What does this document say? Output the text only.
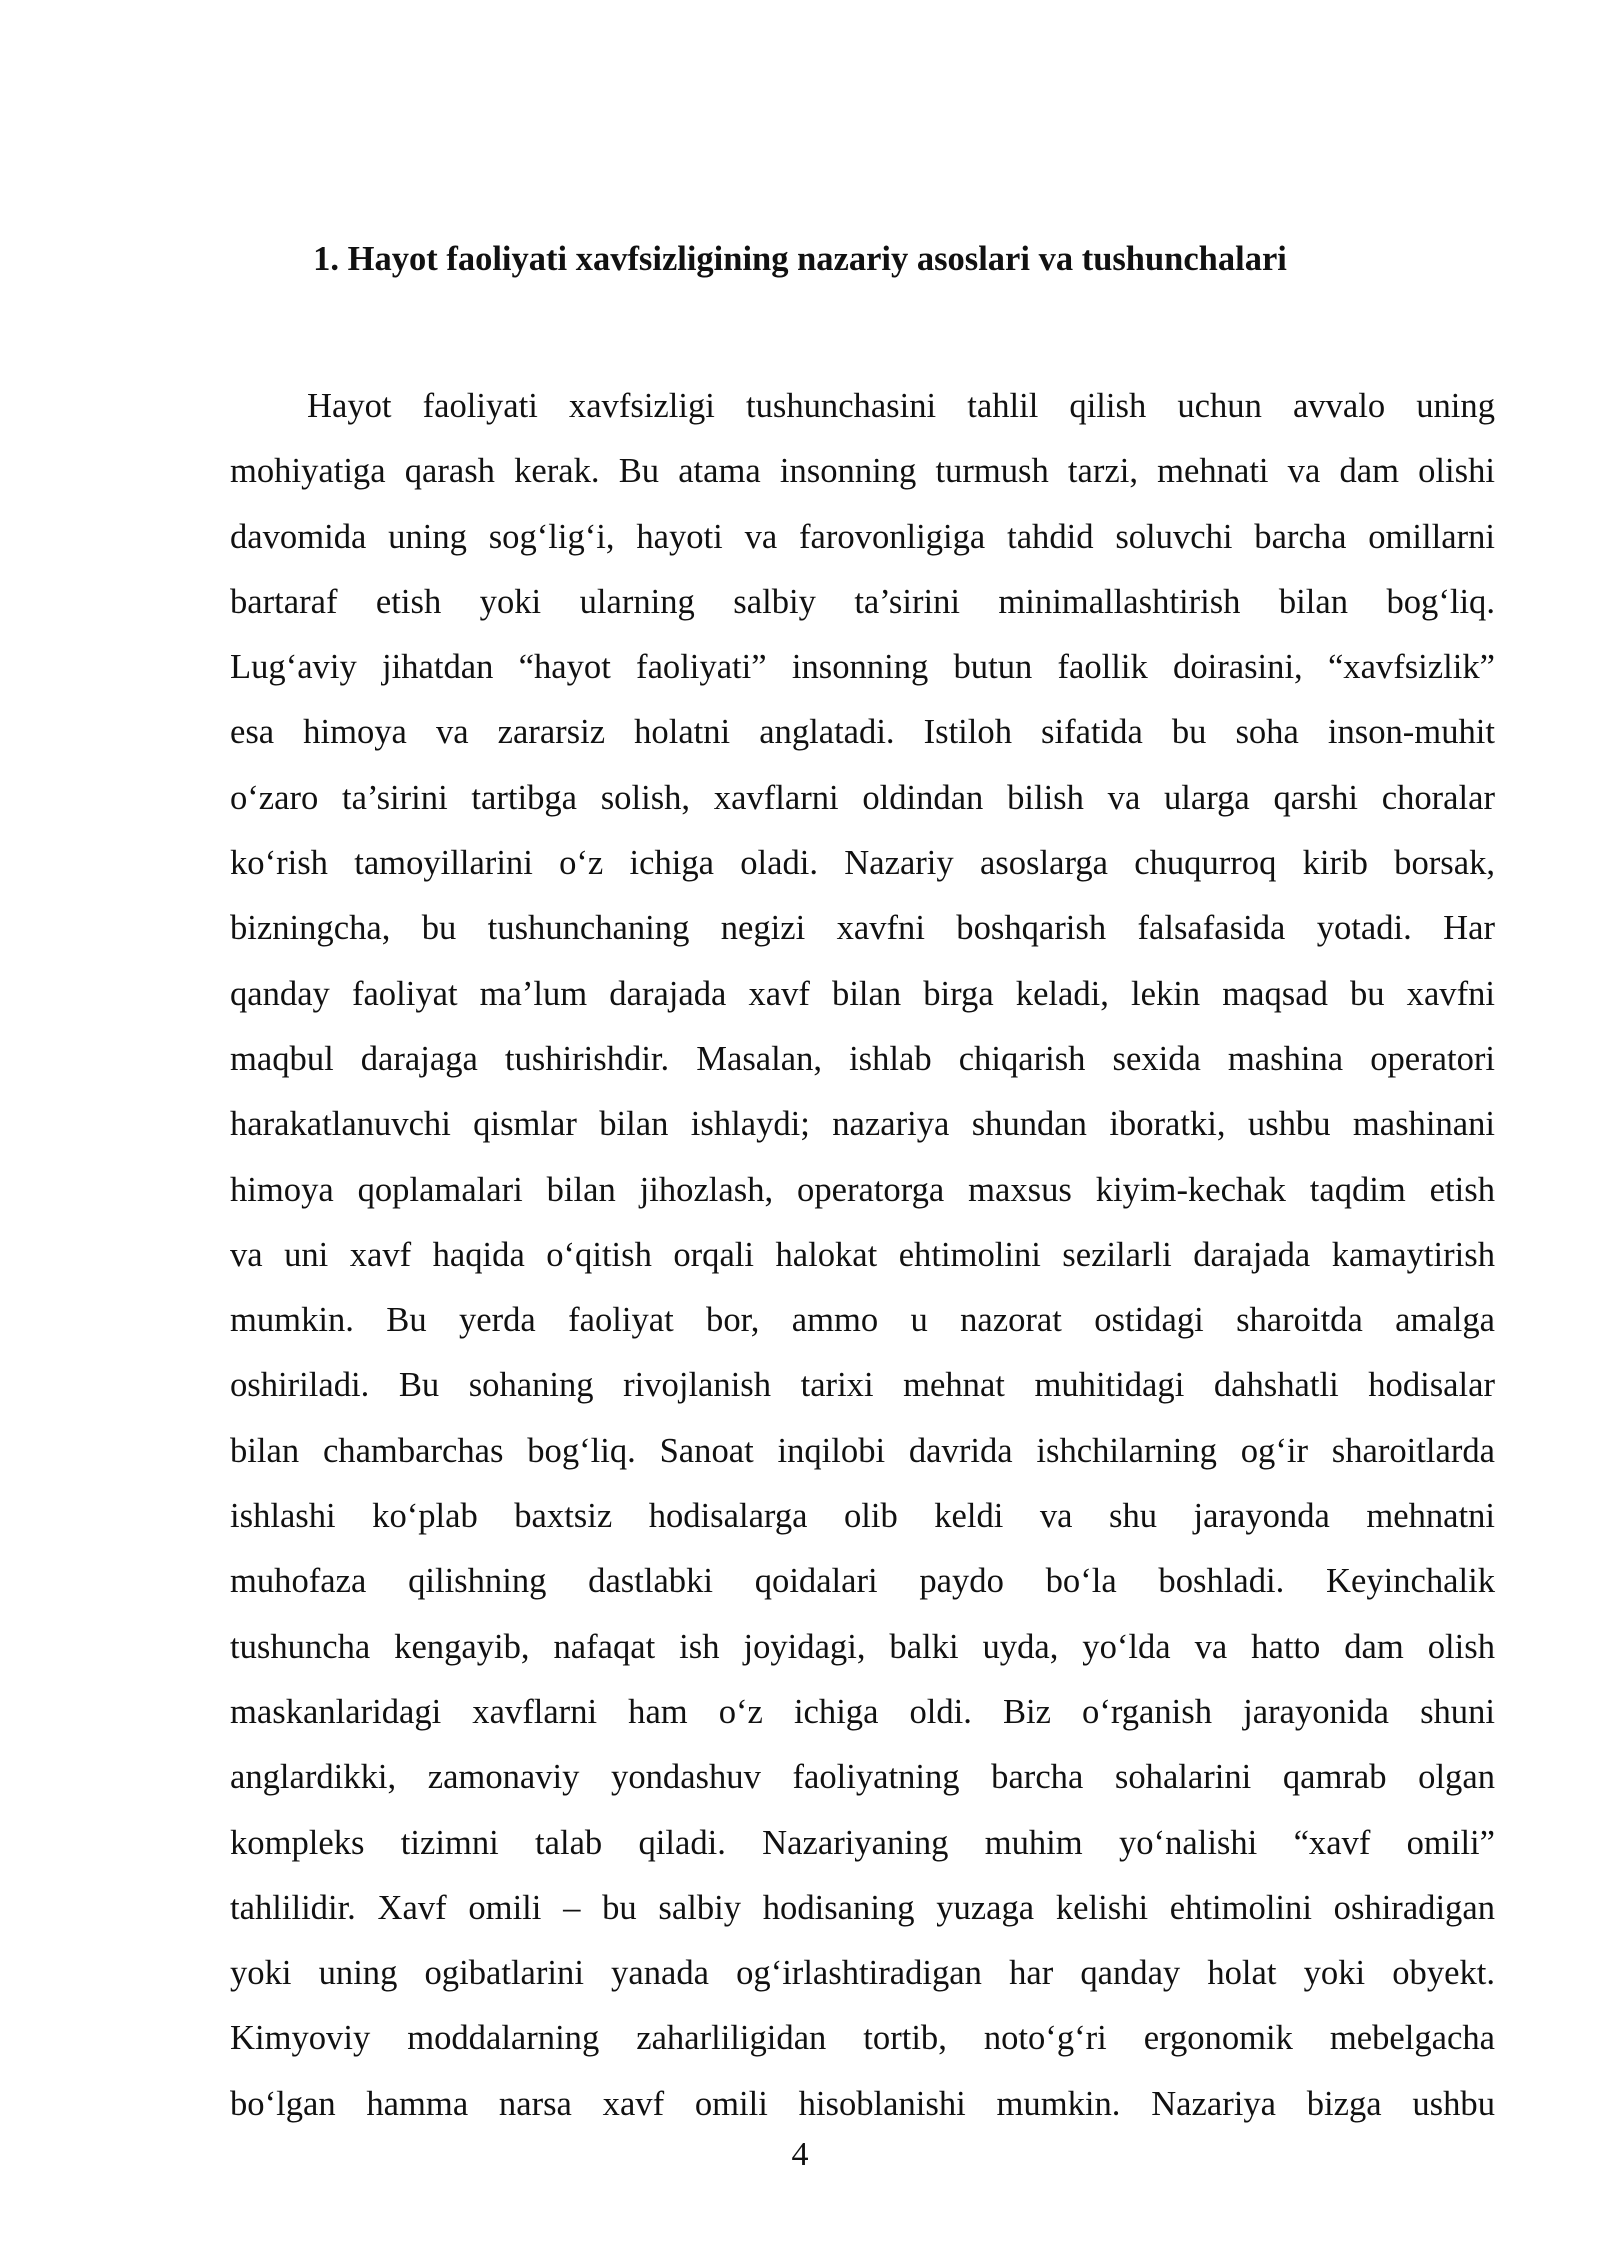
1. Hayot faoliyati xavfsizligining nazariy asoslari va tushunchalari
Hayot faoliyati xavfsizligi tushunchasini tahlil qilish uchun avvalo uning
mohiyatiga qarash kerak. Bu atama insonning turmush tarzi, mehnati va dam olishi
davomida uning sog‘lig‘i, hayoti va farovonligiga tahdid soluvchi barcha omillarni
bartaraf etish yoki ularning salbiy ta’sirini minimallashtirish bilan bog‘liq.
Lug‘aviy jihatdan “hayot faoliyati” insonning butun faollik doirasini, “xavfsizlik”
esa himoya va zararsiz holatni anglatadi. Istiloh sifatida bu soha inson-muhit
o‘zaro ta’sirini tartibga solish, xavflarni oldindan bilish va ularga qarshi choralar
ko‘rish tamoyillarini o‘z ichiga oladi. Nazariy asoslarga chuqurroq kirib borsak,
bizningcha, bu tushunchaning negizi xavfni boshqarish falsafasida yotadi. Har
qanday faoliyat ma’lum darajada xavf bilan birga keladi, lekin maqsad bu xavfni
maqbul darajaga tushirishdir. Masalan, ishlab chiqarish sexida mashina operatori
harakatlanuvchi qismlar bilan ishlaydi; nazariya shundan iboratki, ushbu mashinani
himoya qoplamalari bilan jihozlash, operatorga maxsus kiyim-kechak taqdim etish
va uni xavf haqida o‘qitish orqali halokat ehtimolini sezilarli darajada kamaytirish
mumkin. Bu yerda faoliyat bor, ammo u nazorat ostidagi sharoitda amalga
oshiriladi. Bu sohaning rivojlanish tarixi mehnat muhitidagi dahshatli hodisalar
bilan chambarchas bog‘liq. Sanoat inqilobi davrida ishchilarning og‘ir sharoitlarda
ishlashi ko‘plab baxtsiz hodisalarga olib keldi va shu jarayonda mehnatni
muhofaza qilishning dastlabki qoidalari paydo bo‘la boshladi. Keyinchalik
tushuncha kengayib, nafaqat ish joyidagi, balki uyda, yo‘lda va hatto dam olish
maskanlaridagi xavflarni ham o‘z ichiga oldi. Biz o‘rganish jarayonida shuni
anglardikki, zamonaviy yondashuv faoliyatning barcha sohalarini qamrab olgan
kompleks tizimni talab qiladi. Nazariyaning muhim yo‘nalishi “xavf omili”
tahlilidir. Xavf omili – bu salbiy hodisaning yuzaga kelishi ehtimolini oshiradigan
yoki uning ogibatlarini yanada og‘irlashtiradigan har qanday holat yoki obyekt.
Kimyoviy moddalarning zaharliligidan tortib, noto‘g‘ri ergonomik mebelgacha
bo‘lgan hamma narsa xavf omili hisoblanishi mumkin. Nazariya bizga ushbu

4
